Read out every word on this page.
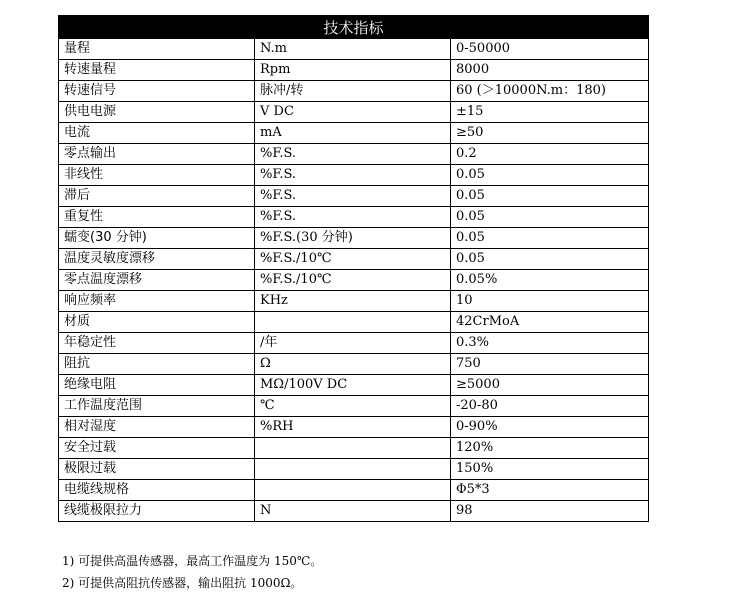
技术指标		
量程	N.m	0-50000
转速量程	Rpm	8000
转速信号	脉冲/转	60 (＞10000N.m：180)
供电电源	V DC	±15
电流	mA	≥50
零点输出	%F.S.	0.2
非线性	%F.S.	0.05
滞后	%F.S.	0.05
重复性	%F.S.	0.05
蠕变(30 分钟)	%F.S.(30 分钟)	0.05
温度灵敏度漂移	%F.S./10℃	0.05
零点温度漂移	%F.S./10℃	0.05%
响应频率	KHz	10
材质		42CrMoA
年稳定性	/年	0.3%
阻抗	Ω	750
绝缘电阻	MΩ/100V DC	≥5000
工作温度范围	℃	-20-80
相对湿度	%RH	0-90%
安全过载		120%
极限过载		150%
电缆线规格		Φ5*3
线缆极限拉力	N	98
1) 可提供高温传感器，最高工作温度为 150℃。
2) 可提供高阻抗传感器，输出阻抗 1000Ω。
